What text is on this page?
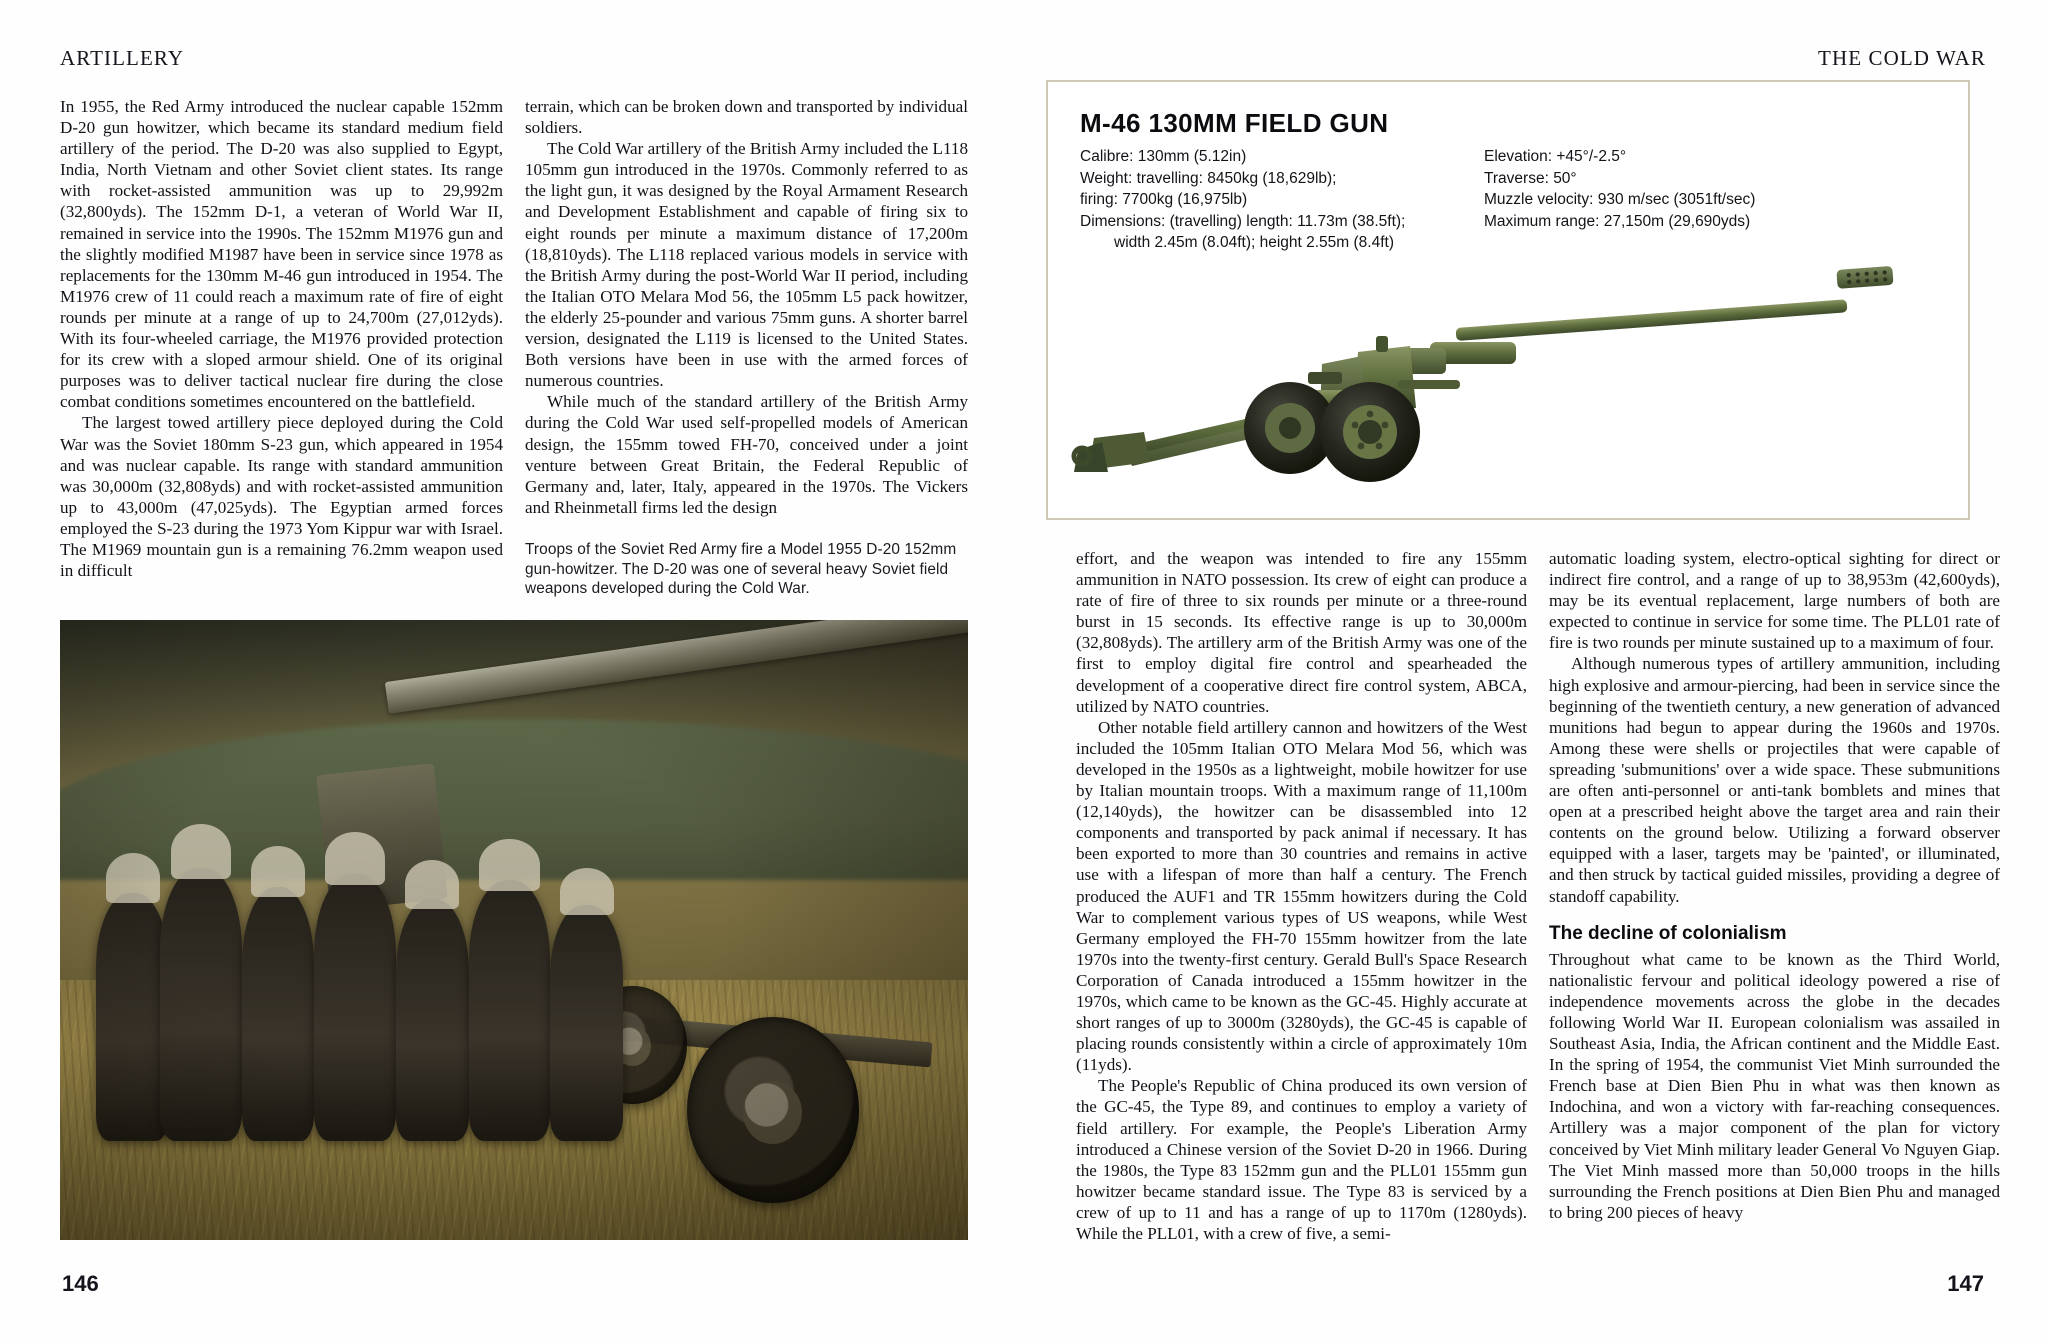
ARTILLERY

In 1955, the Red Army introduced the nuclear capable 152mm D-20 gun howitzer, which became its standard medium field artillery of the period. The D-20 was also supplied to Egypt, India, North Vietnam and other Soviet client states. Its range with rocket-assisted ammunition was up to 29,992m (32,800yds). The 152mm D-1, a veteran of World War II, remained in service into the 1990s. The 152mm M1976 gun and the slightly modified M1987 have been in service since 1978 as replacements for the 130mm M-46 gun introduced in 1954. The M1976 crew of 11 could reach a maximum rate of fire of eight rounds per minute at a range of up to 24,700m (27,012yds). With its four-wheeled carriage, the M1976 provided protection for its crew with a sloped armour shield. One of its original purposes was to deliver tactical nuclear fire during the close combat conditions sometimes encountered on the battlefield.

The largest towed artillery piece deployed during the Cold War was the Soviet 180mm S-23 gun, which appeared in 1954 and was nuclear capable. Its range with standard ammunition was 30,000m (32,808yds) and with rocket-assisted ammunition up to 43,000m (47,025yds). The Egyptian armed forces employed the S-23 during the 1973 Yom Kippur war with Israel. The M1969 mountain gun is a remaining 76.2mm weapon used in difficult

terrain, which can be broken down and transported by individual soldiers.

The Cold War artillery of the British Army included the L118 105mm gun introduced in the 1970s. Commonly referred to as the light gun, it was designed by the Royal Armament Research and Development Establishment and capable of firing six to eight rounds per minute a maximum distance of 17,200m (18,810yds). The L118 replaced various models in service with the British Army during the post-World War II period, including the Italian OTO Melara Mod 56, the 105mm L5 pack howitzer, the elderly 25-pounder and various 75mm guns. A shorter barrel version, designated the L119 is licensed to the United States. Both versions have been in use with the armed forces of numerous countries.

While much of the standard artillery of the British Army during the Cold War used self-propelled models of American design, the 155mm towed FH-70, conceived under a joint venture between Great Britain, the Federal Republic of Germany and, later, Italy, appeared in the 1970s. The Vickers and Rheinmetall firms led the design

Troops of the Soviet Red Army fire a Model 1955 D-20 152mm gun-howitzer. The D-20 was one of several heavy Soviet field weapons developed during the Cold War.
146
THE COLD WAR
M-46 130MM FIELD GUN
Calibre: 130mm (5.12in)
Weight: travelling: 8450kg (18,629lb);
firing: 7700kg (16,975lb)
Dimensions: (travelling) length: 11.73m (38.5ft);
width 2.45m (8.04ft); height 2.55m (8.4ft)
Elevation: +45°/-2.5°
Traverse: 50°
Muzzle velocity: 930 m/sec (3051ft/sec)
Maximum range: 27,150m (29,690yds)

effort, and the weapon was intended to fire any 155mm ammunition in NATO possession. Its crew of eight can produce a rate of fire of three to six rounds per minute or a three-round burst in 15 seconds. Its effective range is up to 30,000m (32,808yds). The artillery arm of the British Army was one of the first to employ digital fire control and spearheaded the development of a cooperative direct fire control system, ABCA, utilized by NATO countries.

Other notable field artillery cannon and howitzers of the West included the 105mm Italian OTO Melara Mod 56, which was developed in the 1950s as a lightweight, mobile howitzer for use by Italian mountain troops. With a maximum range of 11,100m (12,140yds), the howitzer can be disassembled into 12 components and transported by pack animal if necessary. It has been exported to more than 30 countries and remains in active use with a lifespan of more than half a century. The French produced the AUF1 and TR 155mm howitzers during the Cold War to complement various types of US weapons, while West Germany employed the FH-70 155mm howitzer from the late 1970s into the twenty-first century. Gerald Bull's Space Research Corporation of Canada introduced a 155mm howitzer in the 1970s, which came to be known as the GC-45. Highly accurate at short ranges of up to 3000m (3280yds), the GC-45 is capable of placing rounds consistently within a circle of approximately 10m (11yds).

The People's Republic of China produced its own version of the GC-45, the Type 89, and continues to employ a variety of field artillery. For example, the People's Liberation Army introduced a Chinese version of the Soviet D-20 in 1966. During the 1980s, the Type 83 152mm gun and the PLL01 155mm gun howitzer became standard issue. The Type 83 is serviced by a crew of up to 11 and has a range of up to 1170m (1280yds). While the PLL01, with a crew of five, a semi-

automatic loading system, electro-optical sighting for direct or indirect fire control, and a range of up to 38,953m (42,600yds), may be its eventual replacement, large numbers of both are expected to continue in service for some time. The PLL01 rate of fire is two rounds per minute sustained up to a maximum of four.

Although numerous types of artillery ammunition, including high explosive and armour-piercing, had been in service since the beginning of the twentieth century, a new generation of advanced munitions had begun to appear during the 1960s and 1970s. Among these were shells or projectiles that were capable of spreading 'submunitions' over a wide space. These submunitions are often anti-personnel or anti-tank bomblets and mines that open at a prescribed height above the target area and rain their contents on the ground below. Utilizing a forward observer equipped with a laser, targets may be 'painted', or illuminated, and then struck by tactical guided missiles, providing a degree of standoff capability.

The decline of colonialism

Throughout what came to be known as the Third World, nationalistic fervour and political ideology powered a rise of independence movements across the globe in the decades following World War II. European colonialism was assailed in Southeast Asia, India, the African continent and the Middle East. In the spring of 1954, the communist Viet Minh surrounded the French base at Dien Bien Phu in what was then known as Indochina, and won a victory with far-reaching consequences. Artillery was a major component of the plan for victory conceived by Viet Minh military leader General Vo Nguyen Giap. The Viet Minh massed more than 50,000 troops in the hills surrounding the French positions at Dien Bien Phu and managed to bring 200 pieces of heavy

147
